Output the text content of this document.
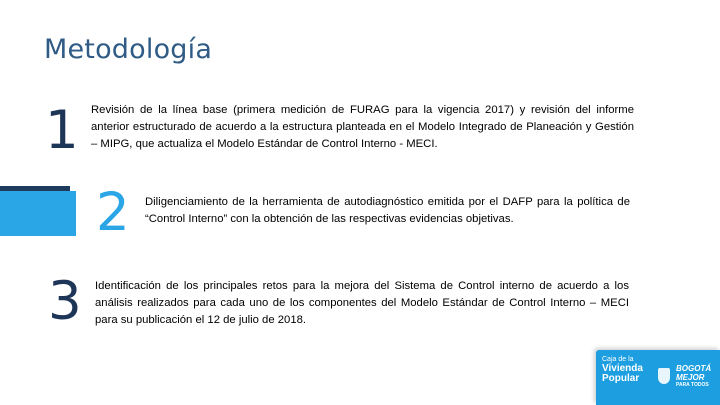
Metodología
1 Revisión de la línea base (primera medición de FURAG para la vigencia 2017) y revisión del informe anterior estructurado de acuerdo a la estructura planteada en el Modelo Integrado de Planeación y Gestión – MIPG, que actualiza el Modelo Estándar de Control Interno - MECI.
2 Diligenciamiento de la herramienta de autodiagnóstico emitida por el DAFP para la política de “Control Interno” con la obtención de las respectivas evidencias objetivas.
3 Identificación de los principales retos para la mejora del Sistema de Control interno de acuerdo a los análisis realizados para cada uno de los componentes del Modelo Estándar de Control Interno – MECI para su publicación el 12 de julio de 2018.
SECRETARÍA DEL HÁBITAT
Caja de la
Vivienda
Popular
BOGOTÁ
MEJOR
PARA TODOS
